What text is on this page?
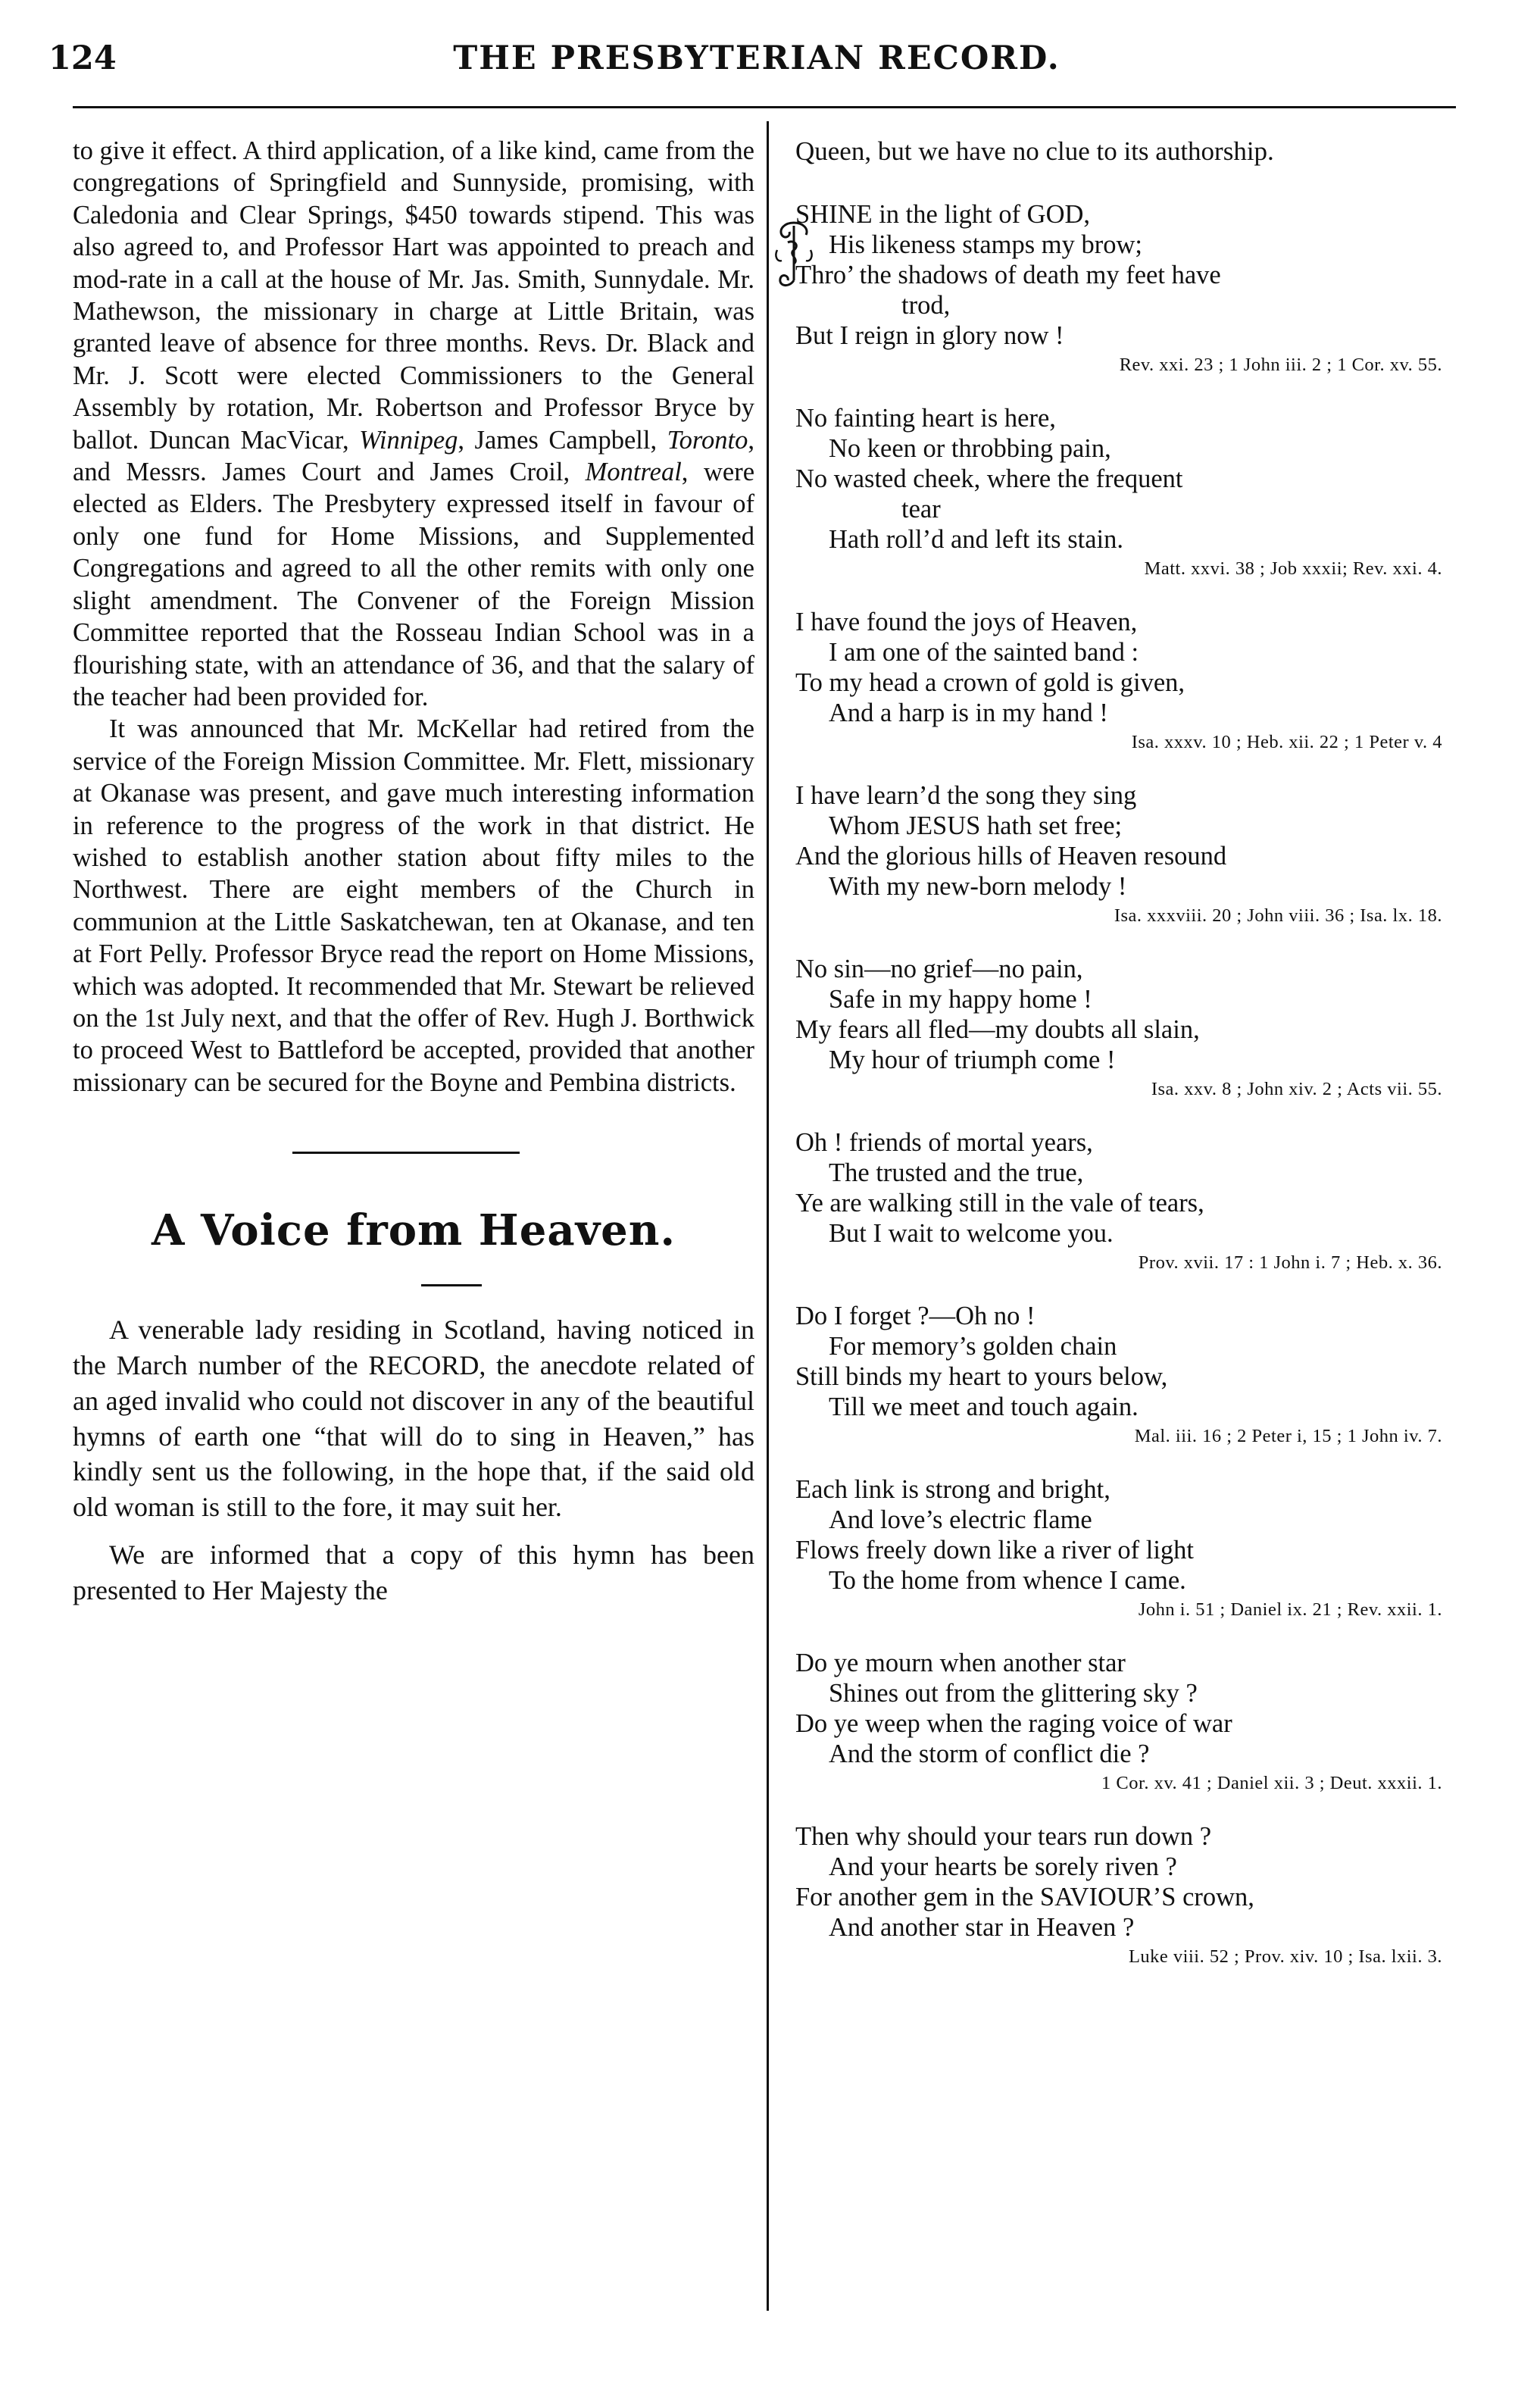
124	THE PRESBYTERIAN RECORD.

to give it effect. A third application, of a like kind, came from the congregations of Springfield and Sunnyside, promising, with Caledonia and Clear Springs, $450 towards stipend. This was also agreed to, and Professor Hart was appointed to preach and mod-rate in a call at the house of Mr. Jas. Smith, Sunnydale. Mr. Mathewson, the missionary in charge at Little Britain, was granted leave of absence for three months. Revs. Dr. Black and Mr. J. Scott were elected Commissioners to the General Assembly by rotation, Mr. Robertson and Professor Bryce by ballot. Duncan MacVicar, Winnipeg, James Campbell, Toronto, and Messrs. James Court and James Croil, Montreal, were elected as Elders. The Presbytery expressed itself in favour of only one fund for Home Missions, and Supplemented Congregations and agreed to all the other remits with only one slight amendment. The Convener of the Foreign Mission Committee reported that the Rosseau Indian School was in a flourishing state, with an attendance of 36, and that the salary of the teacher had been provided for.

It was announced that Mr. McKellar had retired from the service of the Foreign Mission Committee. Mr. Flett, missionary at Okanase was present, and gave much interesting information in reference to the progress of the work in that district. He wished to establish another station about fifty miles to the Northwest. There are eight members of the Church in communion at the Little Saskatchewan, ten at Okanase, and ten at Fort Pelly. Professor Bryce read the report on Home Missions, which was adopted. It recommended that Mr. Stewart be relieved on the 1st July next, and that the offer of Rev. Hugh J. Borthwick to proceed West to Battleford be accepted, provided that another missionary can be secured for the Boyne and Pembina districts.

A Voice from Heaven.

A venerable lady residing in Scotland, having noticed in the March number of the RECORD, the anecdote related of an aged invalid who could not discover in any of the beautiful hymns of earth one “that will do to sing in Heaven,” has kindly sent us the following, in the hope that, if the said old old woman is still to the fore, it may suit her.

We are informed that a copy of this hymn has been presented to Her Majesty the

Queen, but we have no clue to its authorship.

SHINE in the light of GOD,
His likeness stamps my brow;
Thro’ the shadows of death my feet have
trod,
But I reign in glory now !
Rev. xxi. 23 ; 1 John iii. 2 ; 1 Cor. xv. 55.
No fainting heart is here,
No keen or throbbing pain,
No wasted cheek, where the frequent
tear
Hath roll’d and left its stain.
Matt. xxvi. 38 ; Job xxxii; Rev. xxi. 4.
I have found the joys of Heaven,
I am one of the sainted band :
To my head a crown of gold is given,
And a harp is in my hand !
Isa. xxxv. 10 ; Heb. xii. 22 ; 1 Peter v. 4
I have learn’d the song they sing
Whom JESUS hath set free;
And the glorious hills of Heaven resound
With my new-born melody !
Isa. xxxviii. 20 ; John viii. 36 ; Isa. lx. 18.
No sin—no grief—no pain,
Safe in my happy home !
My fears all fled—my doubts all slain,
My hour of triumph come !
Isa. xxv. 8 ; John xiv. 2 ; Acts vii. 55.
Oh ! friends of mortal years,
The trusted and the true,
Ye are walking still in the vale of tears,
But I wait to welcome you.
Prov. xvii. 17 : 1 John i. 7 ; Heb. x. 36.
Do I forget ?—Oh no !
For memory’s golden chain
Still binds my heart to yours below,
Till we meet and touch again.
Mal. iii. 16 ; 2 Peter i, 15 ; 1 John iv. 7.
Each link is strong and bright,
And love’s electric flame
Flows freely down like a river of light
To the home from whence I came.
John i. 51 ; Daniel ix. 21 ; Rev. xxii. 1.
Do ye mourn when another star
Shines out from the glittering sky ?
Do ye weep when the raging voice of war
And the storm of conflict die ?
1 Cor. xv. 41 ; Daniel xii. 3 ; Deut. xxxii. 1.
Then why should your tears run down ?
And your hearts be sorely riven ?
For another gem in the SAVIOUR’S crown,
And another star in Heaven ?
Luke viii. 52 ; Prov. xiv. 10 ; Isa. lxii. 3.
